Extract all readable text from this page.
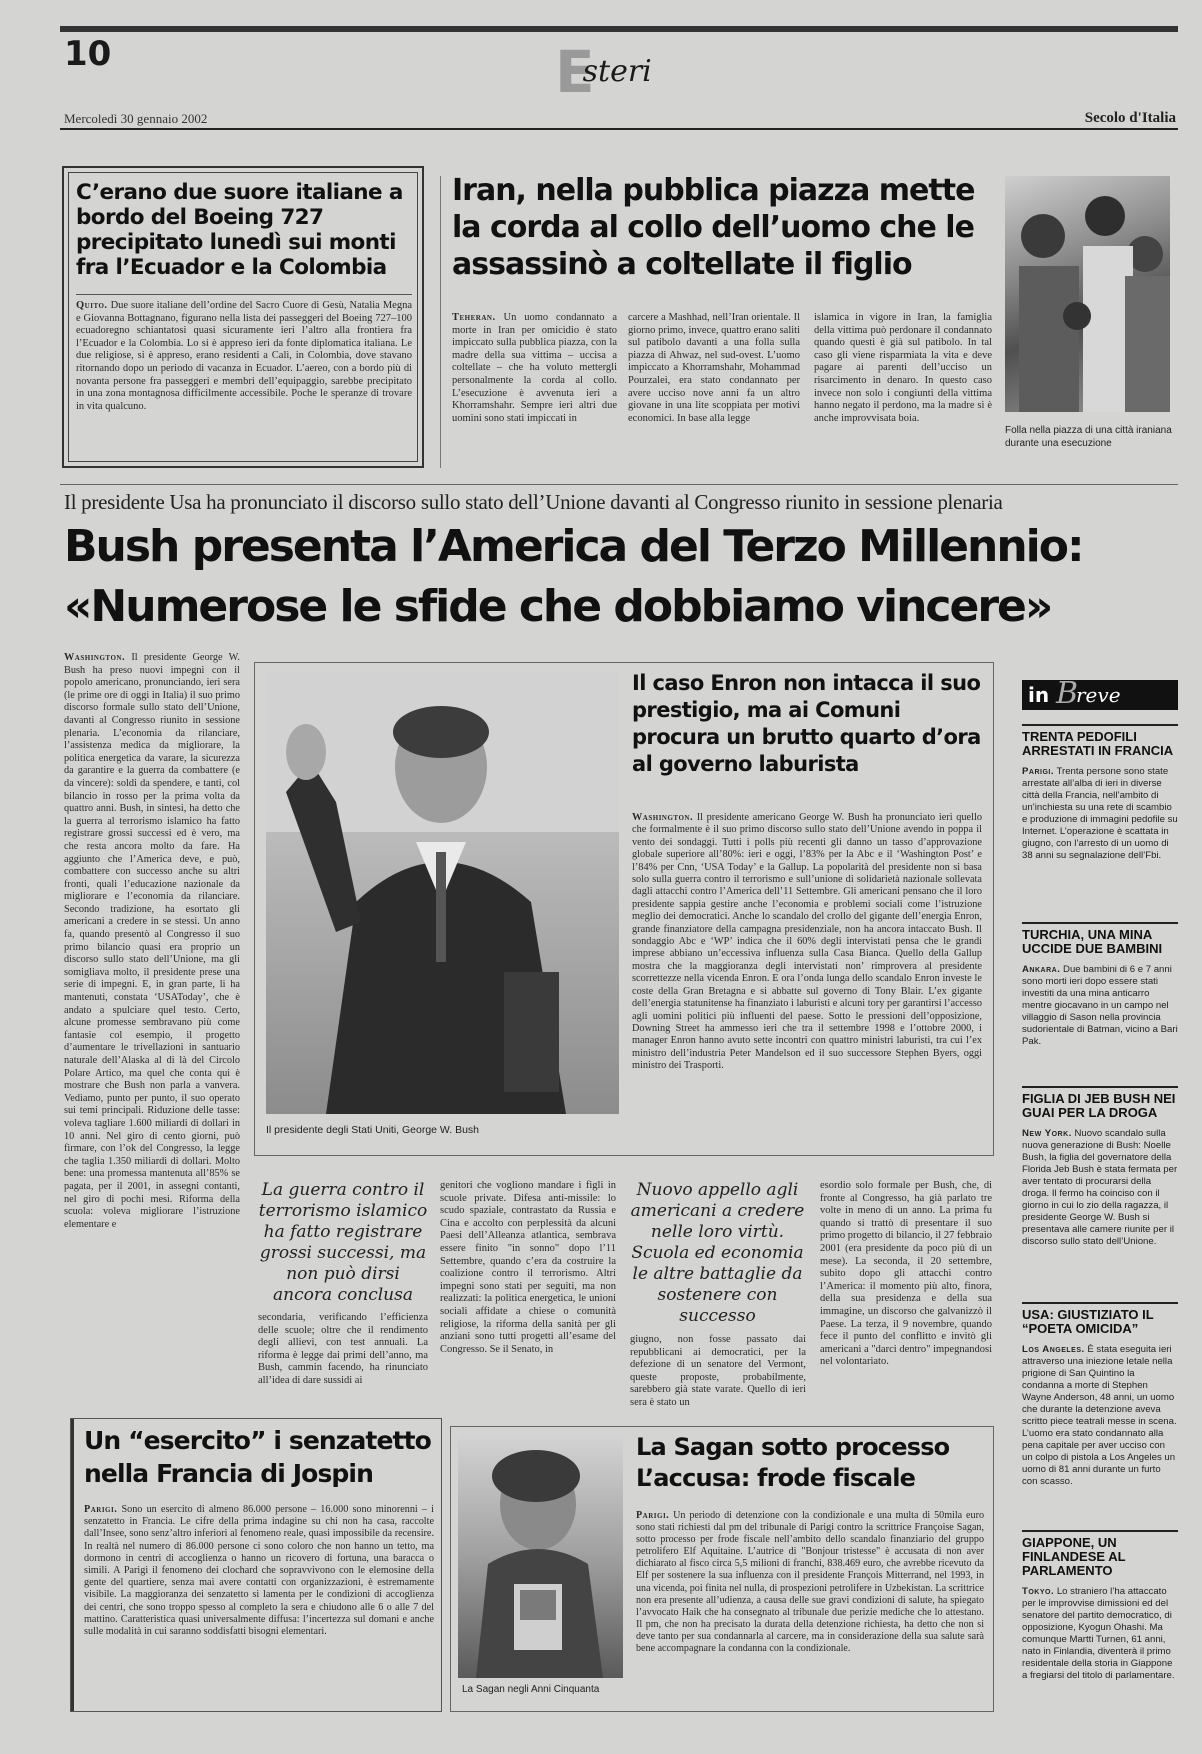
10	Esteri
Mercoledì 30 gennaio 2002	Secolo d'Italia
C’erano due suore italiane a bordo del Boeing 727 precipitato lunedì sui monti fra l’Ecuador e la Colombia
Quito. Due suore italiane dell’ordine del Sacro Cuore di Gesù, Natalia Megna e Giovanna Bottagnano, figurano nella lista dei passeggeri del Boeing 727–100 ecuadoregno schiantatosi quasi sicuramente ieri l’altro alla frontiera fra l’Ecuador e la Colombia. Lo si è appreso ieri da fonte diplomatica italiana. Le due religiose, si è appreso, erano residenti a Calì, in Colombia, dove stavano ritornando dopo un periodo di vacanza in Ecuador. L’aereo, con a bordo più di novanta persone fra passeggeri e membri dell’equipaggio, sarebbe precipitato in una zona montagnosa difficilmente accessibile. Poche le speranze di trovare in vita qualcuno.
Iran, nella pubblica piazza mette la corda al collo dell’uomo che le assassinò a coltellate il figlio
Teheran. Un uomo condannato a morte in Iran per omicidio è stato impiccato sulla pubblica piazza, con la madre della sua vittima – uccisa a coltellate – che ha voluto mettergli personalmente la corda al collo. L’esecuzione è avvenuta ieri a Khorramshahr. Sempre ieri altri due uomini sono stati impiccati in
carcere a Mashhad, nell’Iran orientale. Il giorno primo, invece, quattro erano saliti sul patibolo davanti a una folla sulla piazza di Ahwaz, nel sud-ovest. L’uomo impiccato a Khorramshahr, Mohammad Pourzalei, era stato condannato per avere ucciso nove anni fa un altro giovane in una lite scoppiata per motivi economici. In base alla legge
islamica in vigore in Iran, la famiglia della vittima può perdonare il condannato quando questi è già sul patibolo. In tal caso gli viene risparmiata la vita e deve pagare ai parenti dell’ucciso un risarcimento in denaro. In questo caso invece non solo i congiunti della vittima hanno negato il perdono, ma la madre si è anche improvvisata boia.
Folla nella piazza di una città iraniana durante una esecuzione
Il presidente Usa ha pronunciato il discorso sullo stato dell’Unione davanti al Congresso riunito in sessione plenaria
Bush presenta l’America del Terzo Millennio:
«Numerose le sfide che dobbiamo vincere»
Washington. Il presidente George W. Bush ha preso nuovi impegni con il popolo americano, pronunciando, ieri sera (le prime ore di oggi in Italia) il suo primo discorso formale sullo stato dell’Unione, davanti al Congresso riunito in sessione plenaria. L’economia da rilanciare, l’assistenza medica da migliorare, la politica energetica da varare, la sicurezza da garantire e la guerra da combattere (e da vincere): soldi da spendere, e tanti, col bilancio in rosso per la prima volta da quattro anni. Bush, in sintesi, ha detto che la guerra al terrorismo islamico ha fatto registrare grossi successi ed è vero, ma che resta ancora molto da fare. Ha aggiunto che l’America deve, e può, combattere con successo anche su altri fronti, quali l’educazione nazionale da migliorare e l’economia da rilanciare. Secondo tradizione, ha esortato gli americani a credere in se stessi. Un anno fa, quando presentò al Congresso il suo primo bilancio quasi era proprio un discorso sullo stato dell’Unione, ma gli somigliava molto, il presidente prese una serie di impegni. E, in gran parte, li ha mantenuti, constata ‘USAToday’, che è andato a spulciare quel testo. Certo, alcune promesse sembravano più come fantasie col esempio, il progetto d’aumentare le trivellazioni in santuario naturale dell’Alaska al di là del Circolo Polare Artico, ma quel che conta qui è mostrare che Bush non parla a vanvera. Vediamo, punto per punto, il suo operato sui temi principali. Riduzione delle tasse: voleva tagliare 1.600 miliardi di dollari in 10 anni. Nel giro di cento giorni, può firmare, con l’ok del Congresso, la legge che taglia 1.350 miliardi di dollari. Molto bene: una promessa mantenuta all’85% se pagata, per il 2001, in assegni contanti, nel giro di pochi mesi. Riforma della scuola: voleva migliorare l’istruzione elementare e
Il presidente degli Stati Uniti, George W. Bush
Il caso Enron non intacca il suo prestigio, ma ai Comuni procura un brutto quarto d’ora al governo laburista
Washington. Il presidente americano George W. Bush ha pronunciato ieri quello che formalmente è il suo primo discorso sullo stato dell’Unione avendo in poppa il vento dei sondaggi. Tutti i polls più recenti gli danno un tasso d’approvazione globale superiore all’80%: ieri e oggi, l’83% per la Abc e il ‘Washington Post’ e l’84% per Cnn, ‘USA Today’ e la Gallup. La popolarità del presidente non si basa solo sulla guerra contro il terrorismo e sull’unione di solidarietà nazionale sollevata dagli attacchi contro l’America dell’11 Settembre. Gli americani pensano che il loro presidente sappia gestire anche l’economia e problemi sociali come l’istruzione meglio dei democratici. Anche lo scandalo del crollo del gigante dell’energia Enron, grande finanziatore della campagna presidenziale, non ha ancora intaccato Bush. Il sondaggio Abc e ‘WP’ indica che il 60% degli intervistati pensa che le grandi imprese abbiano un’eccessiva influenza sulla Casa Bianca. Quello della Gallup mostra che la maggioranza degli intervistati non’ rimprovera al presidente scorrettezze nella vicenda Enron. E ora l’onda lunga dello scandalo Enron investe le coste della Gran Bretagna e si abbatte sul governo di Tony Blair. L’ex gigante dell’energia statunitense ha finanziato i laburisti e alcuni tory per garantirsi l’accesso agli uomini politici più influenti del paese. Sotto le pressioni dell’opposizione, Downing Street ha ammesso ieri che tra il settembre 1998 e l’ottobre 2000, i manager Enron hanno avuto sette incontri con quattro ministri laburisti, tra cui l’ex ministro dell’industria Peter Mandelson ed il suo successore Stephen Byers, oggi ministro dei Trasporti.
La guerra contro il terrorismo islamico ha fatto registrare grossi successi, ma non può dirsi ancora conclusa
secondaria, verificando l’efficienza delle scuole; oltre che il rendimento degli allievi, con test annuali. La riforma è legge dai primi dell’anno, ma Bush, cammin facendo, ha rinunciato all’idea di dare sussidi ai
genitori che vogliono mandare i figli in scuole private. Difesa anti-missile: lo scudo spaziale, contrastato da Russia e Cina e accolto con perplessità da alcuni Paesi dell’Alleanza atlantica, sembrava essere finito "in sonno" dopo l’11 Settembre, quando c’era da costruire la coalizione contro il terrorismo. Altri impegni sono stati per seguiti, ma non realizzati: la politica energetica, le unioni sociali affidate a chiese o comunità religiose, la riforma della sanità per gli anziani sono tutti progetti all’esame del Congresso. Se il Senato, in
Nuovo appello agli americani a credere nelle loro virtù. Scuola ed economia le altre battaglie da sostenere con successo
giugno, non fosse passato dai repubblicani ai democratici, per la defezione di un senatore del Vermont, queste proposte, probabilmente, sarebbero già state varate. Quello di ieri sera è stato un
esordio solo formale per Bush, che, di fronte al Congresso, ha già parlato tre volte in meno di un anno. La prima fu quando si trattò di presentare il suo primo progetto di bilancio, il 27 febbraio 2001 (era presidente da poco più di un mese). La seconda, il 20 settembre, subito dopo gli attacchi contro l’America: il momento più alto, finora, della sua presidenza e della sua immagine, un discorso che galvanizzò il Paese. La terza, il 9 novembre, quando fece il punto del conflitto e invitò gli americani a "darci dentro" impegnandosi nel volontariato.
Un “esercito” i senzatetto nella Francia di Jospin
Parigi. Sono un esercito di almeno 86.000 persone – 16.000 sono minorenni – i senzatetto in Francia. Le cifre della prima indagine su chi non ha casa, raccolte dall’Insee, sono senz’altro inferiori al fenomeno reale, quasi impossibile da recensire. In realtà nel numero di 86.000 persone ci sono coloro che non hanno un tetto, ma dormono in centri di accoglienza o hanno un ricovero di fortuna, una baracca o simili. A Parigi il fenomeno dei clochard che sopravvivono con le elemosine della gente del quartiere, senza mai avere contatti con organizzazioni, è estremamente visibile. La maggioranza dei senzatetto si lamenta per le condizioni di accoglienza dei centri, che sono troppo spesso al completo la sera e chiudono alle 6 o alle 7 del mattino. Caratteristica quasi universalmente diffusa: l’incertezza sul domani e anche sulle modalità in cui saranno soddisfatti bisogni elementari.
La Sagan negli Anni Cinquanta
La Sagan sotto processo L’accusa: frode fiscale
Parigi. Un periodo di detenzione con la condizionale e una multa di 50mila euro sono stati richiesti dal pm del tribunale di Parigi contro la scrittrice Françoise Sagan, sotto processo per frode fiscale nell’ambito dello scandalo finanziario del gruppo petrolifero Elf Aquitaine. L’autrice di "Bonjour tristesse" è accusata di non aver dichiarato al fisco circa 5,5 milioni di franchi, 838.469 euro, che avrebbe ricevuto da Elf per sostenere la sua influenza con il presidente François Mitterrand, nel 1993, in una vicenda, poi finita nel nulla, di prospezioni petrolifere in Uzbekistan. La scrittrice non era presente all’udienza, a causa delle sue gravi condizioni di salute, ha spiegato l’avvocato Haik che ha consegnato al tribunale due perizie mediche che lo attestano. Il pm, che non ha precisato la durata della detenzione richiesta, ha detto che non si deve tanto per sua condannarla al carcere, ma in considerazione della sua salute sarà bene accompagnare la condanna con la condizionale.
in B
reve
TRENTA PEDOFILI ARRESTATI IN FRANCIA
Parigi. Trenta persone sono state arrestate all’alba di ieri in diverse città della Francia, nell’ambito di un’inchiesta su una rete di scambio e produzione di immagini pedofile su Internet. L’operazione è scattata in giugno, con l’arresto di un uomo di 38 anni su segnalazione dell’Fbi.
TURCHIA, UNA MINA UCCIDE DUE BAMBINI
Ankara. Due bambini di 6 e 7 anni sono morti ieri dopo essere stati investiti da una mina anticarro mentre giocavano in un campo nel villaggio di Sason nella provincia sudorientale di Batman, vicino a Bari Pak.
FIGLIA DI JEB BUSH NEI GUAI PER LA DROGA
New York. Nuovo scandalo sulla nuova generazione di Bush: Noelle Bush, la figlia del governatore della Florida Jeb Bush è stata fermata per aver tentato di procurarsi della droga. Il fermo ha coinciso con il giorno in cui lo zio della ragazza, il presidente George W. Bush si presentava alle camere riunite per il discorso sullo stato dell’Unione.
USA: GIUSTIZIATO IL “POETA OMICIDA”
Los Angeles. È stata eseguita ieri attraverso una iniezione letale nella prigione di San Quintino la condanna a morte di Stephen Wayne Anderson, 48 anni, un uomo che durante la detenzione aveva scritto piece teatrali messe in scena. L’uomo era stato condannato alla pena capitale per aver ucciso con un colpo di pistola a Los Angeles un uomo di 81 anni durante un furto con scasso.
GIAPPONE, UN FINLANDESE AL PARLAMENTO
Tokyo. Lo straniero l’ha attaccato per le improvvise dimissioni ed del senatore del partito democratico, di opposizione, Kyogun Ohashi. Ma comunque Martti Turnen, 61 anni, nato in Finlandia, diventerà il primo residentale della storia in Giappone a fregiarsi del titolo di parlamentare.
